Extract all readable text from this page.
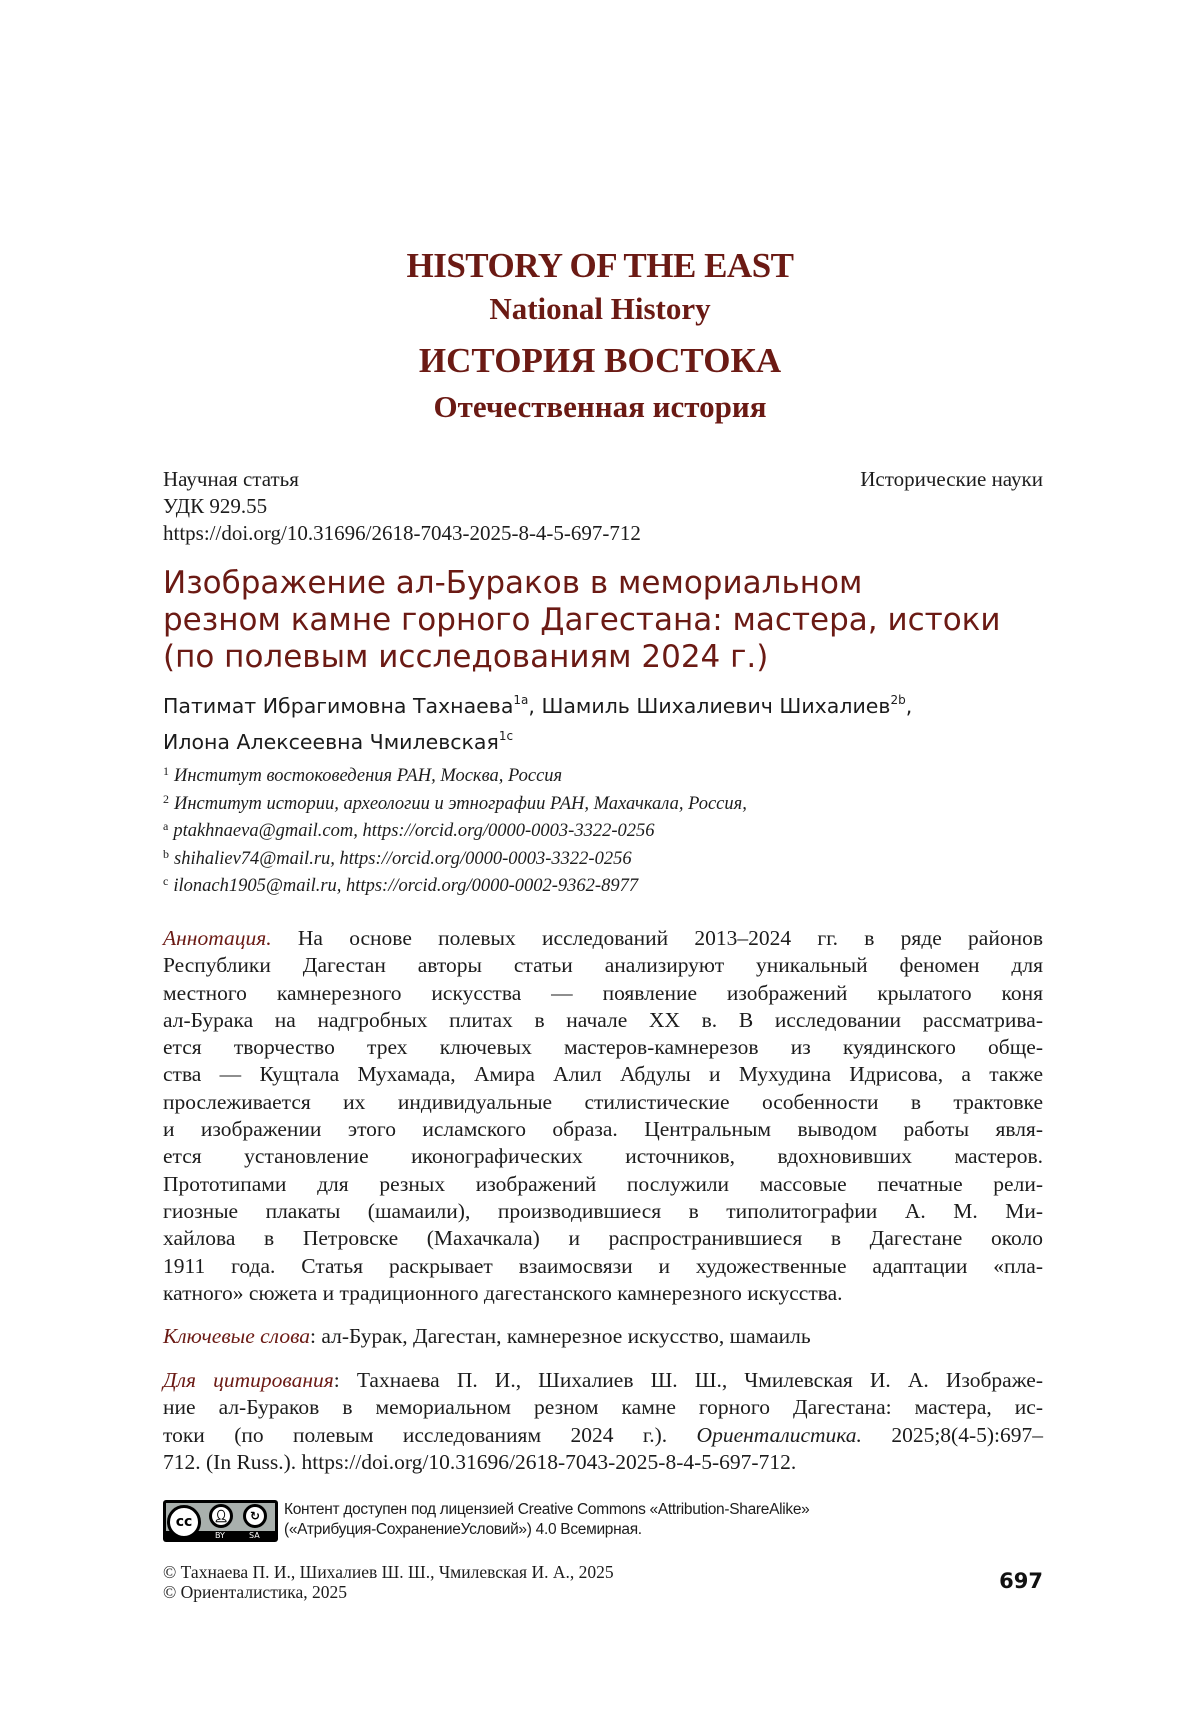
HISTORY OF THE EAST
National History
ИСТОРИЯ ВОСТОКА
Отечественная история
Научная статья	Исторические науки
УДК 929.55
https://doi.org/10.31696/2618-7043-2025-8-4-5-697-712
Изображение ал-Бураков в мемориальном
резном камне горного Дагестана: мастера, истоки
(по полевым исследованиям 2024 г.)
Патимат Ибрагимовна Тахнаева$^{1a}$, Шамиль Шихалиевич Шихалиев$^{2b}$,
Илона Алексеевна Чмилевская$^{1c}$
$^1$ Институт востоковедения РАН, Москва, Россия
$^2$ Институт истории, археологии и этнографии РАН, Махачкала, Россия,
$^a$ ptakhnaeva@gmail.com, https://orcid.org/0000-0003-3322-0256
$^b$ shihaliev74@mail.ru, https://orcid.org/0000-0003-3322-0256
$^c$ ilonach1905@mail.ru, https://orcid.org/0000-0002-9362-8977
Аннотация. На основе полевых исследований 2013–2024 гг. в ряде районов
Республики Дагестан авторы статьи анализируют уникальный феномен для
местного камнерезного искусства — появление изображений крылатого коня
ал-Бурака на надгробных плитах в начале XX в. В исследовании рассматрива-
ется творчество трех ключевых мастеров-камнерезов из куядинского обще-
ства — Кущтала Мухамада, Амира Алил Абдулы и Мухудина Идрисова, а также
прослеживается их индивидуальные стилистические особенности в трактовке
и изображении этого исламского образа. Центральным выводом работы явля-
ется установление иконографических источников, вдохновивших мастеров.
Прототипами для резных изображений послужили массовые печатные рели-
гиозные плакаты (шамаили), производившиеся в типолитографии А. М. Ми-
хайлова в Петровске (Махачкала) и распространившиеся в Дагестане около
1911 года. Статья раскрывает взаимосвязи и художественные адаптации «пла-
катного» сюжета и традиционного дагестанского камнерезного искусства.
Ключевые слова: ал-Бурак, Дагестан, камнерезное искусство, шамаиль
Для цитирования: Тахнаева П. И., Шихалиев Ш. Ш., Чмилевская И. А. Изображе-
ние ал-Бураков в мемориальном резном камне горного Дагестана: мастера, ис-
токи (по полевым исследованиям 2024 г.). Ориенталистика. 2025;8(4-5):697–
712. (In Russ.). https://doi.org/10.31696/2618-7043-2025-8-4-5-697-712.
cc	👤︎	↻
BY	SA
Контент доступен под лицензией Creative Commons «Attribution-ShareAlike»
(«Атрибуция-СохранениеУсловий») 4.0 Всемирная.
© Тахнаева П. И., Шихалиев Ш. Ш., Чмилевская И. А., 2025
© Ориенталистика, 2025	697
